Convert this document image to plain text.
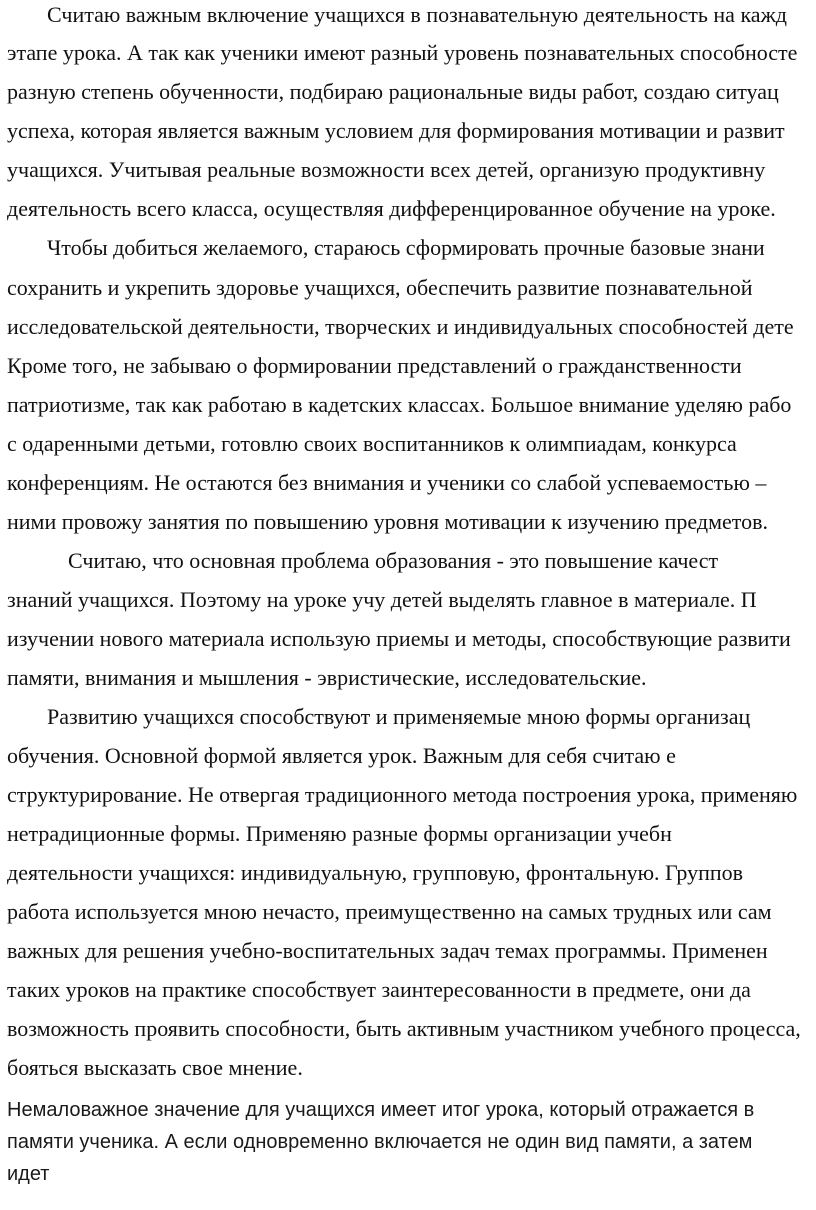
Считаю важным включение учащихся в познавательную деятельность на кажд
этапе урока. А так как ученики имеют разный уровень познавательных способносте
разную степень обученности, подбираю рациональные виды работ, создаю ситуац
успеха, которая является важным условием для формирования мотивации и развит
учащихся. Учитывая реальные возможности всех детей, организую продуктивну
деятельность всего класса, осуществляя дифференцированное обучение на уроке.
Чтобы добиться желаемого, стараюсь сформировать прочные базовые знани
сохранить и укрепить здоровье учащихся, обеспечить развитие познавательной
исследовательской деятельности, творческих и индивидуальных способностей дете
Кроме того, не забываю о формировании представлений о гражданственности
патриотизме, так как работаю в кадетских классах. Большое внимание уделяю рабо
с одаренными детьми, готовлю своих воспитанников к олимпиадам, конкурса
конференциям. Не остаются без внимания и ученики со слабой успеваемостью –
ними провожу занятия по повышению уровня мотивации к изучению предметов.
Считаю, что основная проблема образования - это повышение качест
знаний учащихся. Поэтому на уроке учу детей выделять главное в материале. П
изучении нового материала использую приемы и методы, способствующие развити
памяти, внимания и мышления - эвристические, исследовательские.
Развитию учащихся способствуют и применяемые мною формы организац
обучения. Основной формой является урок. Важным для себя считаю е
структурирование. Не отвергая традиционного метода построения урока, применяю
нетрадиционные формы. Применяю разные формы организации учебн
деятельности учащихся: индивидуальную, групповую, фронтальную. Группов
работа используется мною нечасто, преимущественно на самых трудных или сам
важных для решения учебно-воспитательных задач темах программы. Применен
таких уроков на практике способствует заинтересованности в предмете, они да
возможность проявить способности, быть активным участником учебного процесса,
бояться высказать свое мнение.
Немаловажное значение для учащихся имеет итог урока, который отражается в
памяти ученика. А если одновременно включается не один вид памяти, а затем
идет
